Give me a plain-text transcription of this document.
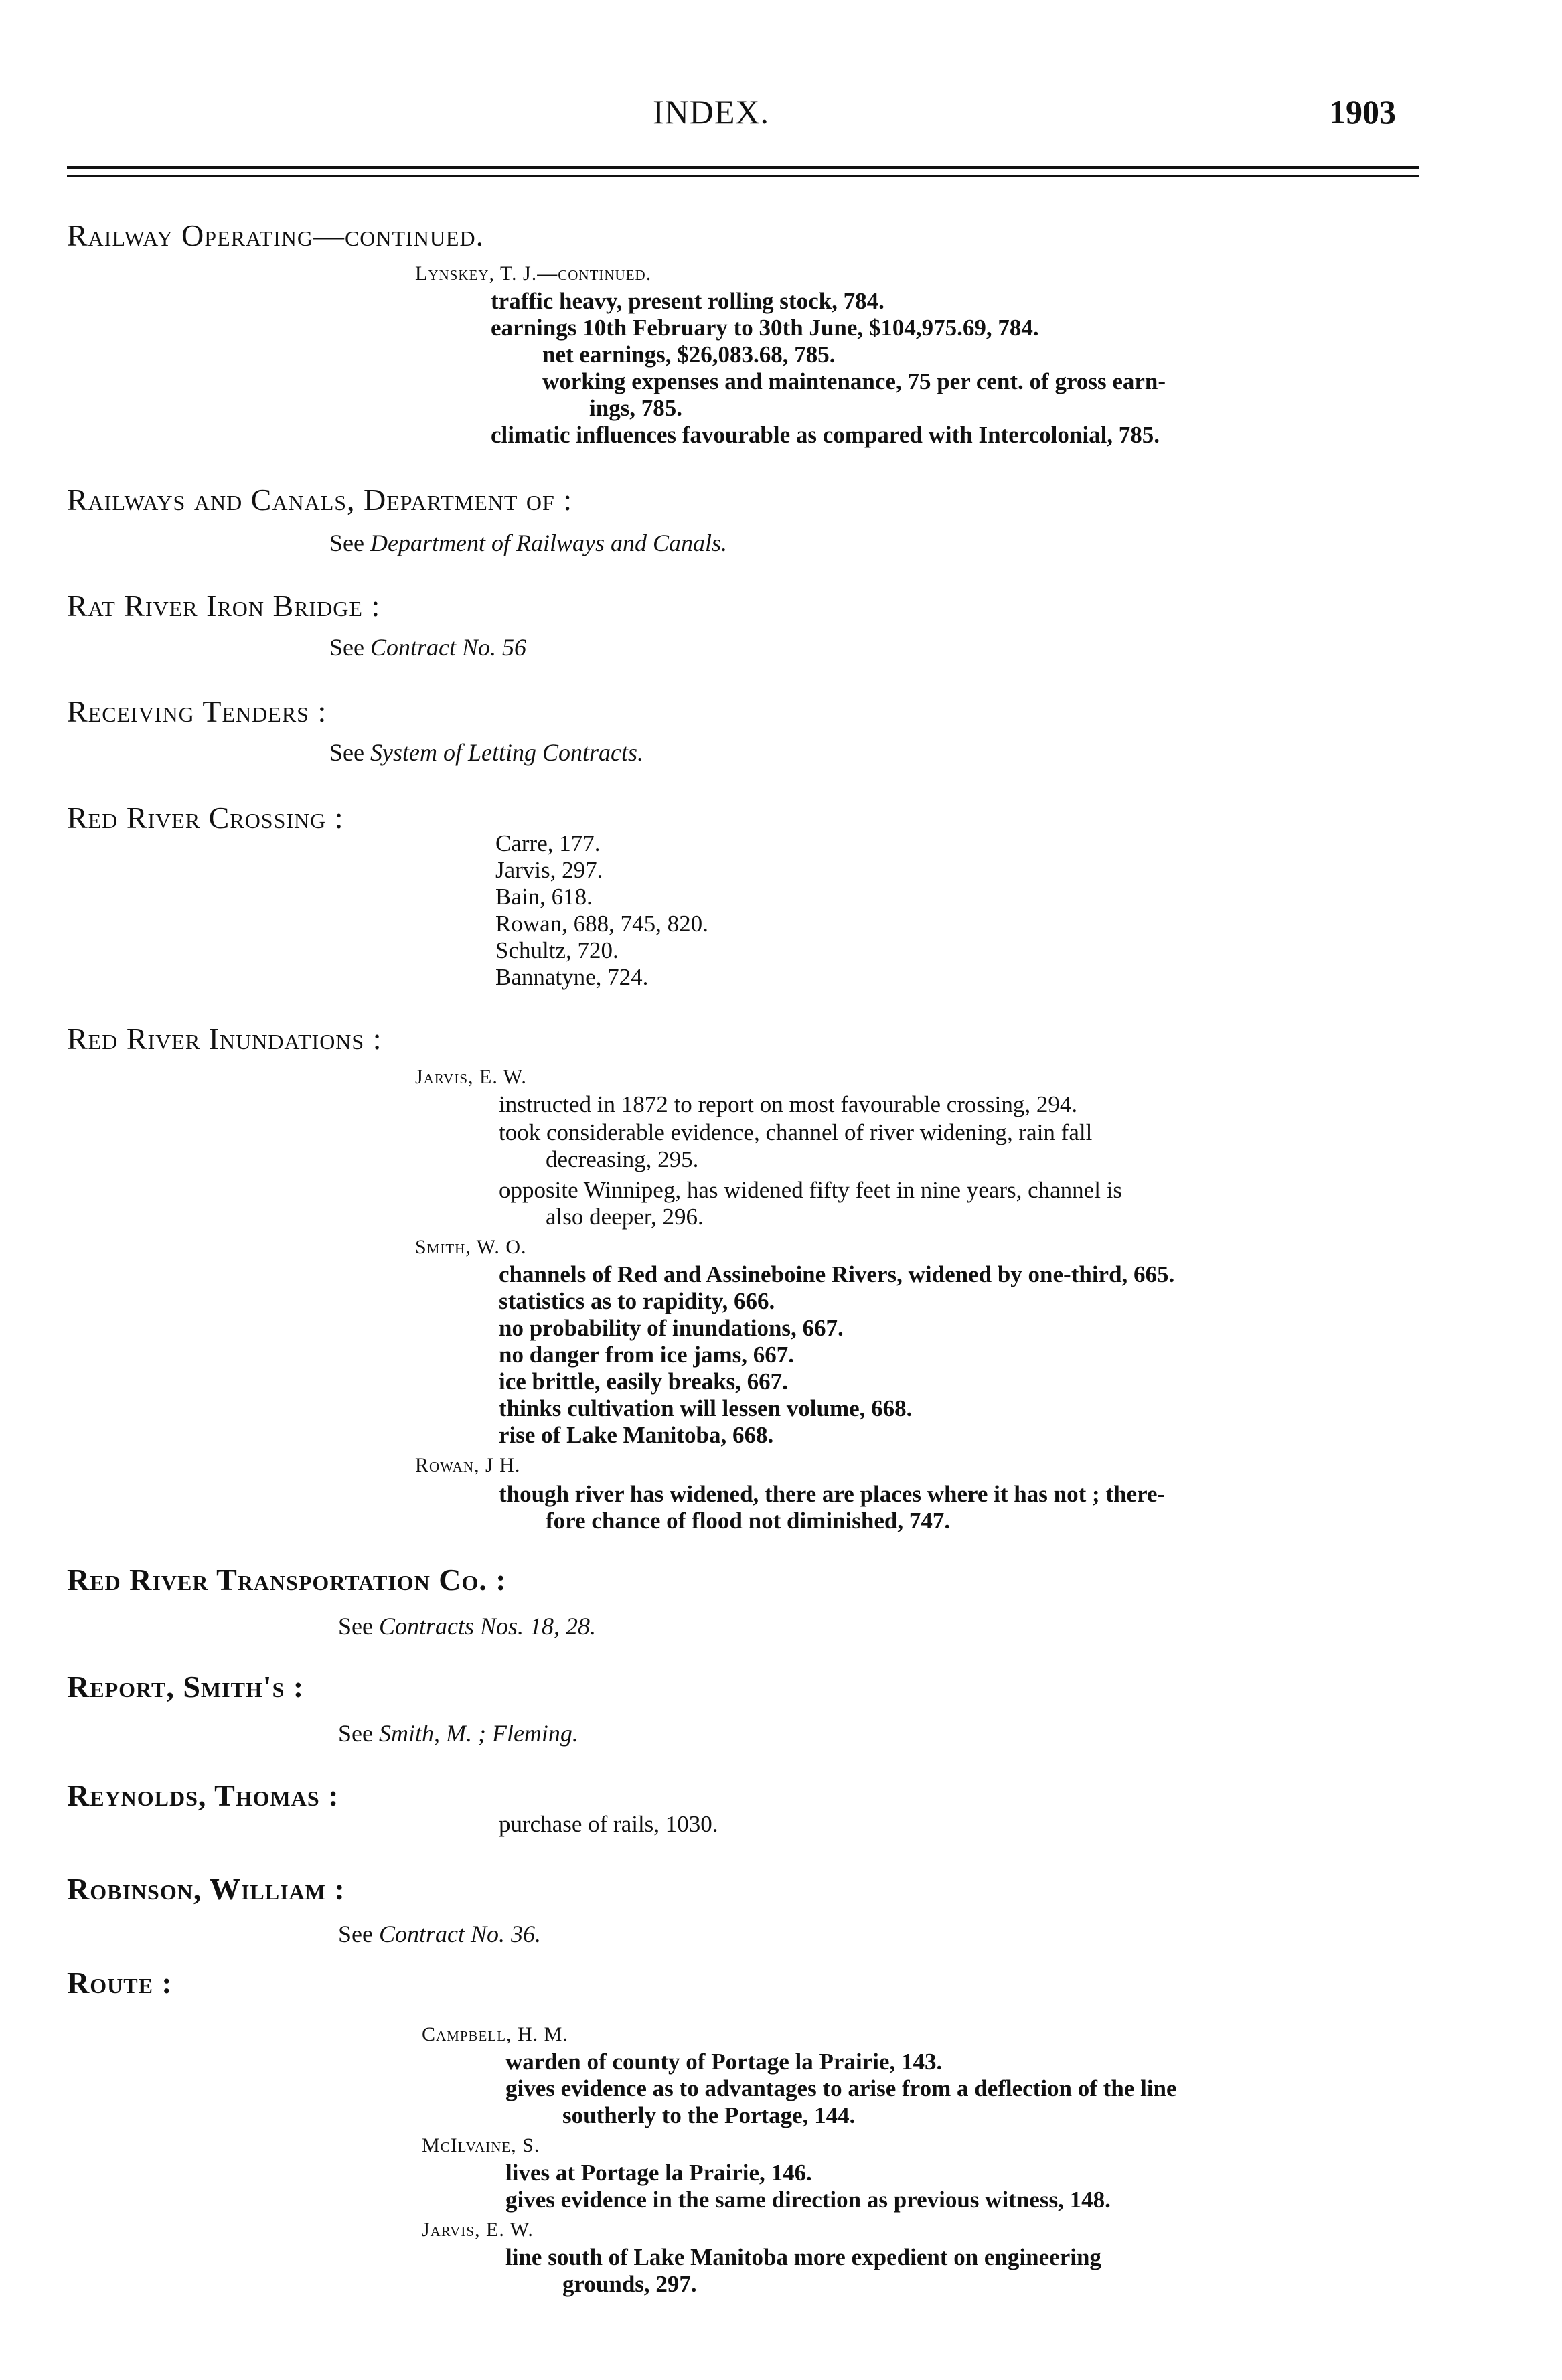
INDEX.	1903
Railway Operating—continued.
Lynskey, T. J.—continued.
traffic heavy, present rolling stock, 784.
earnings 10th February to 30th June, $104,975.69, 784.
net earnings, $26,083.68, 785.
working expenses and maintenance, 75 per cent. of gross earn-
ings, 785.
climatic influences favourable as compared with Intercolonial, 785.
Railways and Canals, Department of :
See Department of Railways and Canals.
Rat River Iron Bridge :
See Contract No. 56
Receiving Tenders :
See System of Letting Contracts.
Red River Crossing :
Carre, 177.
Jarvis, 297.
Bain, 618.
Rowan, 688, 745, 820.
Schultz, 720.
Bannatyne, 724.
Red River Inundations :
Jarvis, E. W.
instructed in 1872 to report on most favourable crossing, 294.
took considerable evidence, channel of river widening, rain fall
decreasing, 295.
opposite Winnipeg, has widened fifty feet in nine years, channel is
also deeper, 296.
Smith, W. O.
channels of Red and Assineboine Rivers, widened by one-third, 665.
statistics as to rapidity, 666.
no probability of inundations, 667.
no danger from ice jams, 667.
ice brittle, easily breaks, 667.
thinks cultivation will lessen volume, 668.
rise of Lake Manitoba, 668.
Rowan, J H.
though river has widened, there are places where it has not ; there-
fore chance of flood not diminished, 747.
Red River Transportation Co. :
See Contracts Nos. 18, 28.
Report, Smith's :
See Smith, M. ; Fleming.
Reynolds, Thomas :
purchase of rails, 1030.
Robinson, William :
See Contract No. 36.
Route :
Campbell, H. M.
warden of county of Portage la Prairie, 143.
gives evidence as to advantages to arise from a deflection of the line
southerly to the Portage, 144.
McIlvaine, S.
lives at Portage la Prairie, 146.
gives evidence in the same direction as previous witness, 148.
Jarvis, E. W.
line south of Lake Manitoba more expedient on engineering
grounds, 297.
